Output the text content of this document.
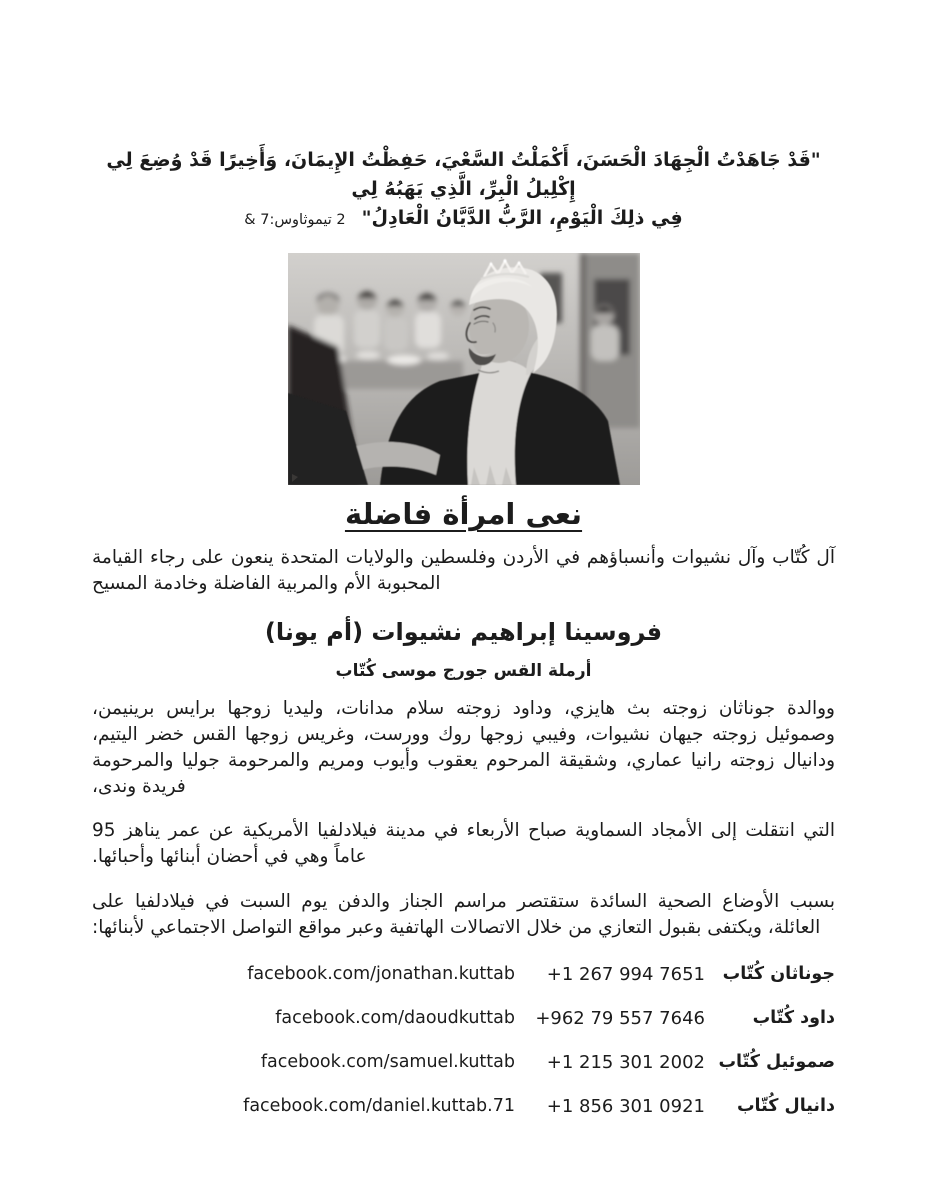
"قَدْ جَاهَدْتُ الْجِهَادَ الْحَسَنَ، أَكْمَلْتُ السَّعْيَ، حَفِظْتُ الإِيمَانَ، وَأَخِيرًا قَدْ وُضِعَ لِي إِكْلِيلُ الْبِرِّ، الَّذِي يَهَبُهُ لِي
فِي ذلِكَ الْيَوْمِ، الرَّبُّ الدَّيَّانُ الْعَادِلُ"2 تيموثاوس:7 &
نعى امرأة فاضلة

آل كُتّاب وآل نشيوات وأنسباؤهم في الأردن وفلسطين والولايات المتحدة ينعون على رجاء القيامة المحبوبة الأم والمربية الفاضلة وخادمة المسيح

فروسينا إبراهيم نشيوات (أم يونا)
أرملة القس جورج موسى كُتّاب

ووالدة جوناثان زوجته بث هايزي، وداود زوجته سلام مدانات، وليديا زوجها برايس برينيمن، وصموئيل زوجته جيهان نشيوات، وفيبي زوجها روك وورست، وغريس زوجها القس خضر اليتيم، ودانيال زوجته رانيا عماري، وشقيقة المرحوم يعقوب وأيوب ومريم والمرحومة جوليا والمرحومة فريدة وندى،

التي انتقلت إلى الأمجاد السماوية صباح الأربعاء في مدينة فيلادلفيا الأمريكية عن عمر يناهز 95 عاماً وهي في أحضان أبنائها وأحبائها.

بسبب الأوضاع الصحية السائدة ستقتصر مراسم الجناز والدفن يوم السبت في فيلادلفيا على العائلة، ويكتفى بقبول التعازي من خلال الاتصالات الهاتفية وعبر مواقع التواصل الاجتماعي لأبنائها:

جوناثان كُتّاب
+1 267 994 7651
facebook.com/jonathan.kuttab
داود كُتّاب
+962 79 557 7646
facebook.com/daoudkuttab
صموئيل كُتّاب
+1 215 301 2002
facebook.com/samuel.kuttab
دانيال كُتّاب
+1 856 301 0921
facebook.com/daniel.kuttab.71
